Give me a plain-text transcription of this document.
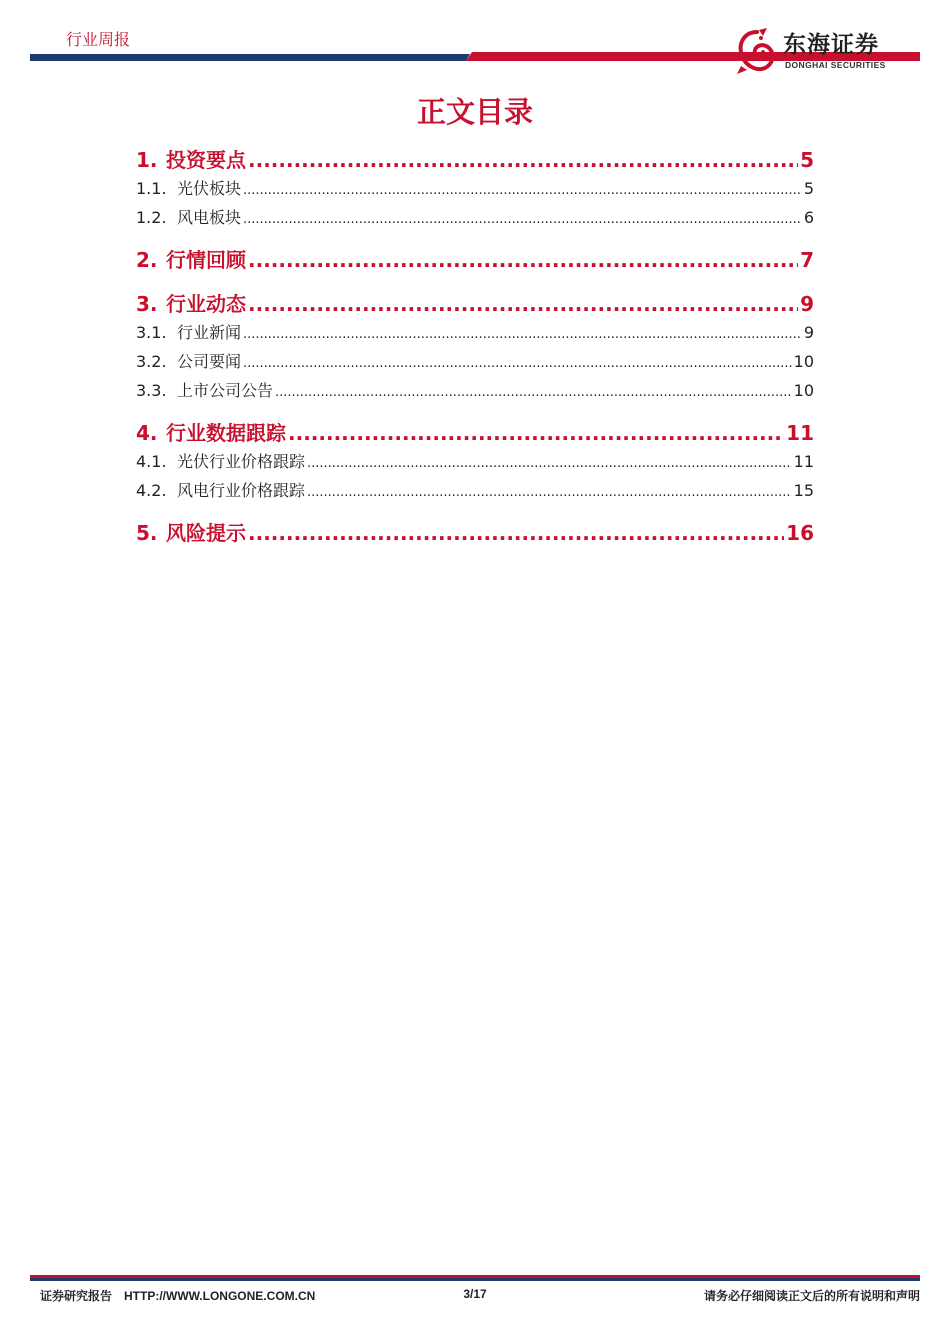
行业周报	东海证券
DONGHAI SECURITIES
正文目录
1. 投资要点 .....	5
1.1. 光伏板块 .....	5
1.2. 风电板块 .....	6
2. 行情回顾 .....	7
3. 行业动态 .....	9
3.1. 行业新闻 .....	9
3.2. 公司要闻 .....	10
3.3. 上市公司公告 .....	10
4. 行业数据跟踪 .....	11
4.1. 光伏行业价格跟踪 .....	11
4.2. 风电行业价格跟踪 .....	15
5. 风险提示 .....	16
证券研究报告　HTTP://WWW.LONGONE.COM.CN	3/17	请务必仔细阅读正文后的所有说明和声明
